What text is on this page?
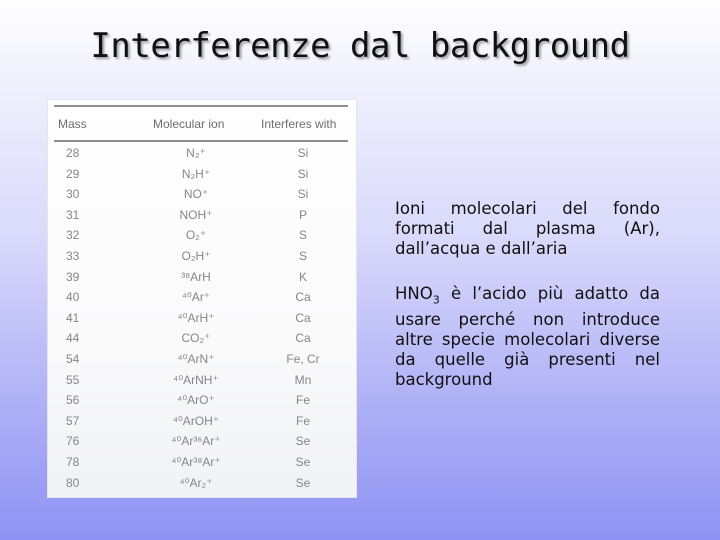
Interferenze dal background
Mass	Molecular ion	Interferes with
28	N₂⁺	Si
29	N₂H⁺	Si
30	NO⁺	Si
31	NOH⁺	P
32	O₂⁺	S
33	O₂H⁺	S
39	³⁸ArH	K
40	⁴⁰Ar⁺	Ca
41	⁴⁰ArH⁺	Ca
44	CO₂⁺	Ca
54	⁴⁰ArN⁺	Fe, Cr
55	⁴⁰ArNH⁺	Mn
56	⁴⁰ArO⁺	Fe
57	⁴⁰ArOH⁺	Fe
76	⁴⁰Ar³⁶Ar⁺	Se
78	⁴⁰Ar³⁸Ar⁺	Se
80	⁴⁰Ar₂⁺	Se
Ioni molecolari del fondo formati dal plasma (Ar), dall’acqua e dall’aria
$HNO_3$ è l’acido più adatto da usare perché non introduce altre specie molecolari diverse da quelle già presenti nel background
